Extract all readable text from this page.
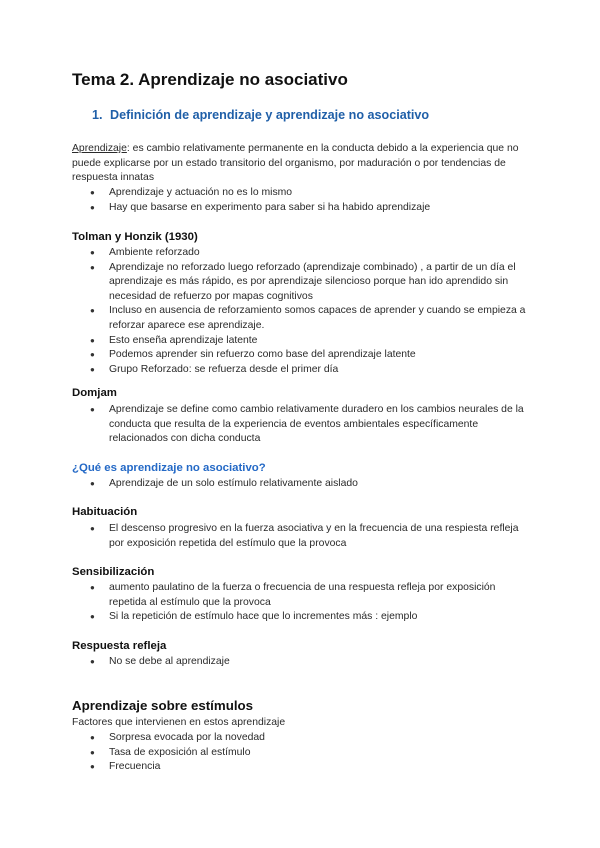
Tema 2. Aprendizaje no asociativo
1. Definición de aprendizaje y aprendizaje no asociativo
Aprendizaje: es cambio relativamente permanente en la conducta debido a la experiencia que no puede explicarse por un estado transitorio del organismo, por maduración o por tendencias de respuesta innatas
● Aprendizaje y actuación no es lo mismo
● Hay que basarse en experimento para saber si ha habido aprendizaje
Tolman y Honzik (1930)
● Ambiente reforzado
● Aprendizaje no reforzado luego reforzado (aprendizaje combinado) , a partir de un día el aprendizaje es más rápido, es por aprendizaje silencioso porque han ido aprendido sin necesidad de refuerzo por mapas cognitivos
● Incluso en ausencia de reforzamiento somos capaces de aprender y cuando se empieza a reforzar aparece ese aprendizaje.
● Esto enseña aprendizaje latente
● Podemos aprender sin refuerzo como base del aprendizaje latente
● Grupo Reforzado: se refuerza desde el primer día
Domjam
● Aprendizaje se define como cambio relativamente duradero en los cambios neurales de la conducta que resulta de la experiencia de eventos ambientales específicamente relacionados con dicha conducta
¿Qué es aprendizaje no asociativo?
● Aprendizaje de un solo estímulo relativamente aislado
Habituación
● El descenso progresivo en la fuerza asociativa y en la frecuencia de una respiesta refleja por exposición repetida del estímulo que la provoca
Sensibilización
● aumento paulatino de la fuerza o frecuencia de una respuesta refleja por exposición repetida al estímulo que la provoca
● Si la repetición de estímulo hace que lo incrementes más : ejemplo
Respuesta refleja
● No se debe al aprendizaje
Aprendizaje sobre estímulos
Factores que intervienen en estos aprendizaje
● Sorpresa evocada por la novedad
● Tasa de exposición al estímulo
● Frecuencia
